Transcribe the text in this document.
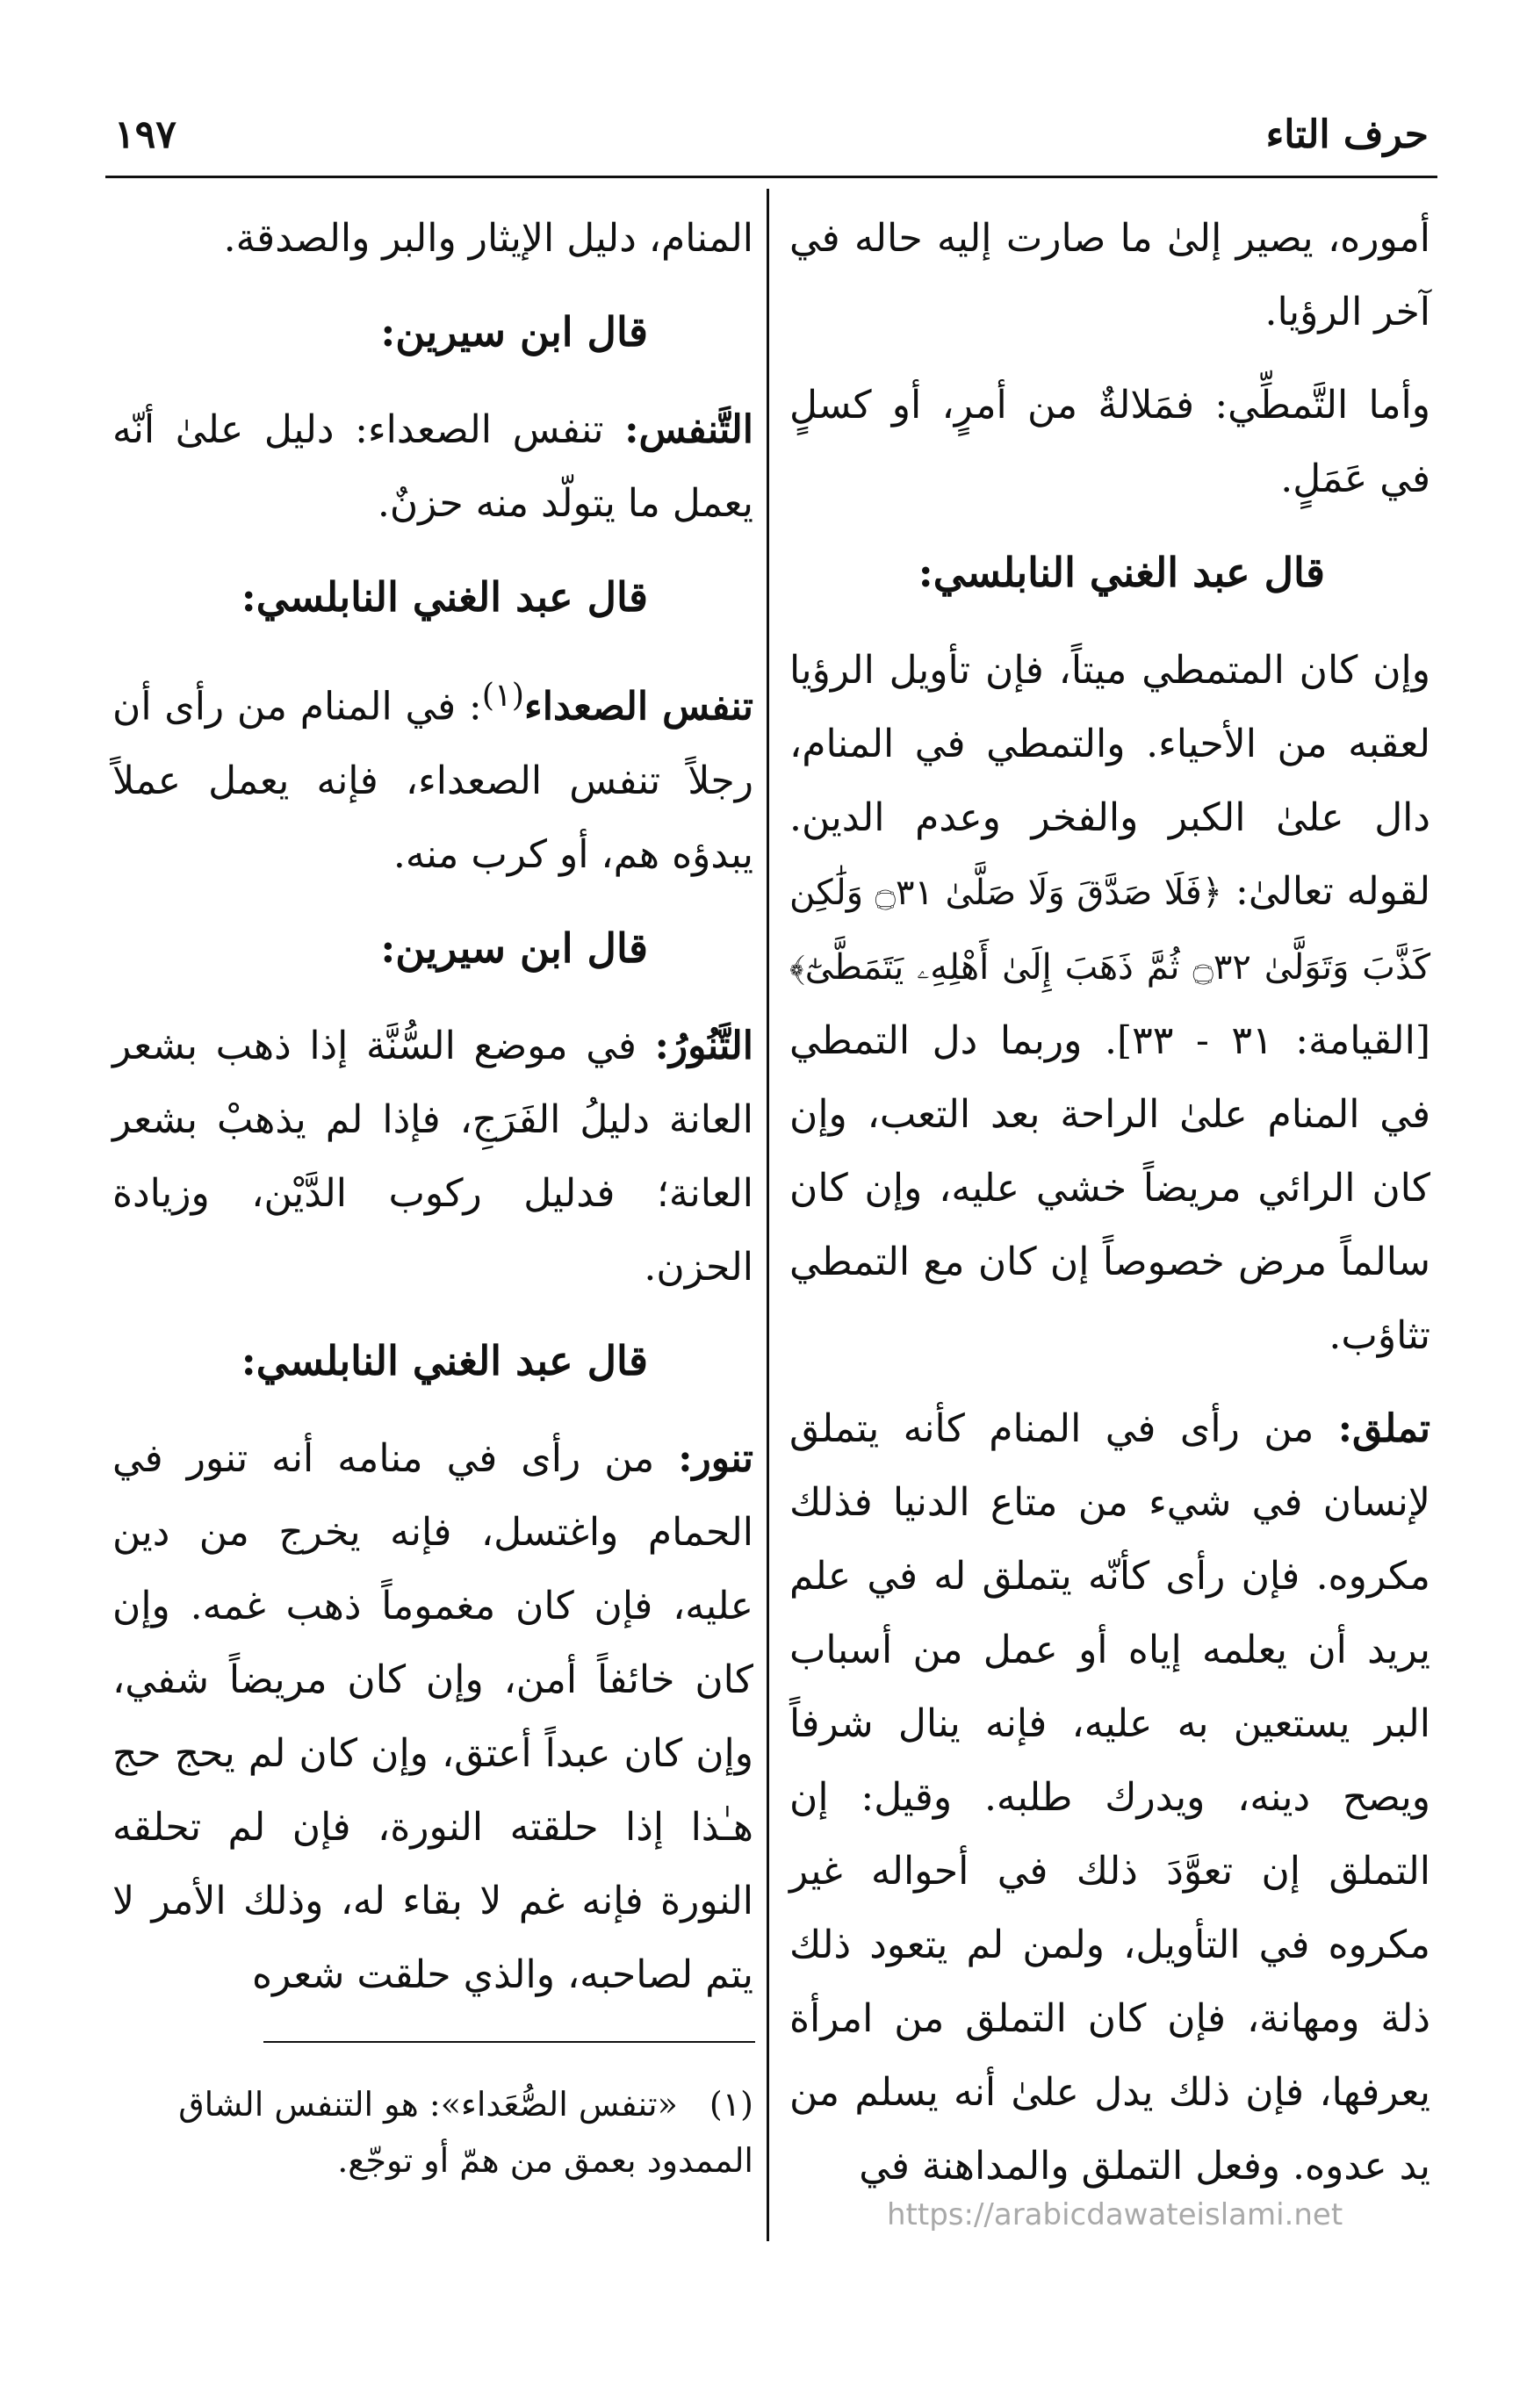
حرف التاء
١٩٧

أموره، يصير إلىٰ ما صارت إليه حاله في آخر الرؤيا.

وأما التَّمطِّي: فمَلالةٌ من أمرٍ، أو كسلٍ في عَمَلٍ.

قال عبد الغني النابلسي:

وإن كان المتمطي ميتاً، فإن تأويل الرؤيا لعقبه من الأحياء. والتمطي في المنام، دال علىٰ الكبر والفخر وعدم الدين. لقوله تعالىٰ: ﴿فَلَا صَدَّقَ وَلَا صَلَّىٰ ۝٣١ وَلَٰكِن كَذَّبَ وَتَوَلَّىٰ ۝٣٢ ثُمَّ ذَهَبَ إِلَىٰ أَهْلِهِۦ يَتَمَطَّىٰٓ﴾ [القيامة: ٣١ - ٣٣]. وربما دل التمطي في المنام علىٰ الراحة بعد التعب، وإن كان الرائي مريضاً خشي عليه، وإن كان سالماً مرض خصوصاً إن كان مع التمطي تثاؤب.

تملق: من رأى في المنام كأنه يتملق لإنسان في شيء من متاع الدنيا فذلك مكروه. فإن رأى كأنّه يتملق له في علم يريد أن يعلمه إياه أو عمل من أسباب البر يستعين به عليه، فإنه ينال شرفاً ويصح دينه، ويدرك طلبه. وقيل: إن التملق إن تعوَّدَ ذلك في أحواله غير مكروه في التأويل، ولمن لم يتعود ذلك ذلة ومهانة، فإن كان التملق من امرأة يعرفها، فإن ذلك يدل علىٰ أنه يسلم من يد عدوه. وفعل التملق والمداهنة في

المنام، دليل الإيثار والبر والصدقة.

قال ابن سيرين:

التَّنفس: تنفس الصعداء: دليل علىٰ أنّه يعمل ما يتولّد منه حزنٌ.

قال عبد الغني النابلسي:

تنفس الصعداء$^{(١)}$: في المنام من رأى أن رجلاً تنفس الصعداء، فإنه يعمل عملاً يبدؤه هم، أو كرب منه.

قال ابن سيرين:

التَّنُورُ: في موضع السُّنَّة إذا ذهب بشعر العانة دليلُ الفَرَجِ، فإذا لم يذهبْ بشعر العانة؛ فدليل ركوب الدَّيْن، وزيادة الحزن.

قال عبد الغني النابلسي:

تنور: من رأى في منامه أنه تنور في الحمام واغتسل، فإنه يخرج من دين عليه، فإن كان مغموماً ذهب غمه. وإن كان خائفاً أمن، وإن كان مريضاً شفي، وإن كان عبداً أعتق، وإن كان لم يحج حج هـٰذا إذا حلقته النورة، فإن لم تحلقه النورة فإنه غم لا بقاء له، وذلك الأمر لا يتم لصاحبه، والذي حلقت شعره

(١) «تنفس الصُّعَداء»: هو التنفس الشاق الممدود بعمق من همّ أو توجّع.

https://arabicdawateislami.net
